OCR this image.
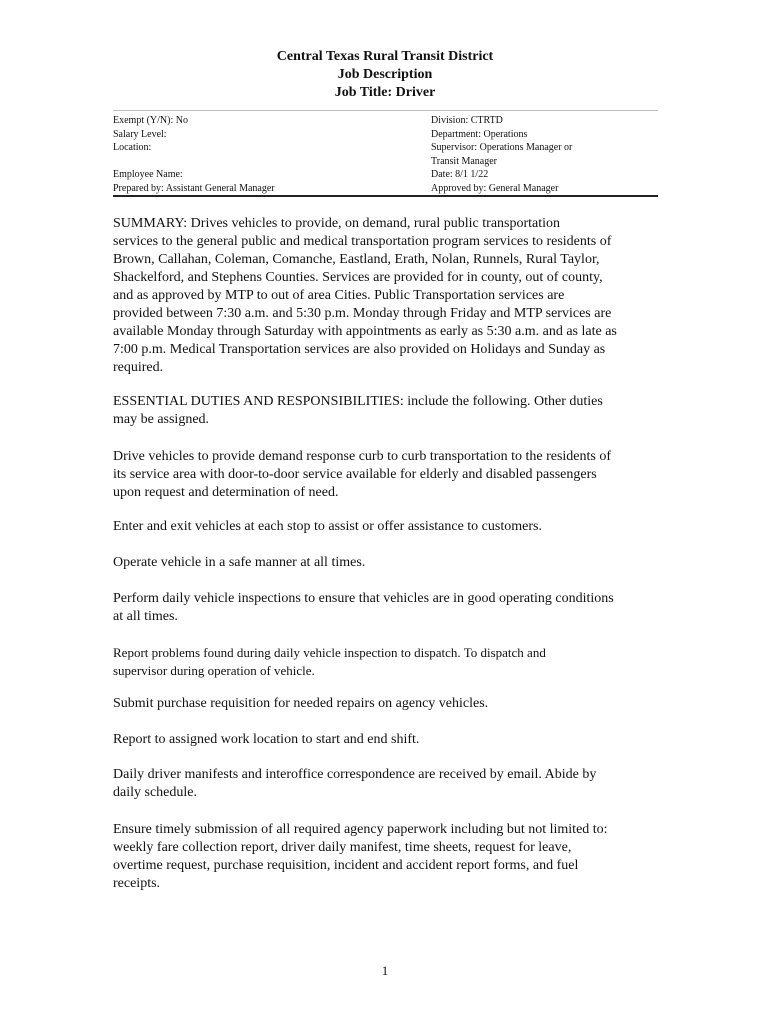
Central Texas Rural Transit District
Job Description
Job Title: Driver
Exempt (Y/N): No
Salary Level:
Location:
Employee Name:
Prepared by: Assistant General Manager
Division: CTRTD
Department: Operations
Supervisor: Operations Manager or
Transit Manager
Date: 8/1 1/22
Approved by: General Manager
SUMMARY: Drives vehicles to provide, on demand, rural public transportation
services to the general public and medical transportation program services to residents of
Brown, Callahan, Coleman, Comanche, Eastland, Erath, Nolan, Runnels, Rural Taylor,
Shackelford, and Stephens Counties. Services are provided for in county, out of county,
and as approved by MTP to out of area Cities. Public Transportation services are
provided between 7:30 a.m. and 5:30 p.m. Monday through Friday and MTP services are
available Monday through Saturday with appointments as early as 5:30 a.m. and as late as
7:00 p.m. Medical Transportation services are also provided on Holidays and Sunday as
required.
ESSENTIAL DUTIES AND RESPONSIBILITIES: include the following. Other duties
may be assigned.
Drive vehicles to provide demand response curb to curb transportation to the residents of
its service area with door-to-door service available for elderly and disabled passengers
upon request and determination of need.
Enter and exit vehicles at each stop to assist or offer assistance to customers.
Operate vehicle in a safe manner at all times.
Perform daily vehicle inspections to ensure that vehicles are in good operating conditions
at all times.
Report problems found during daily vehicle inspection to dispatch. To dispatch and
supervisor during operation of vehicle.
Submit purchase requisition for needed repairs on agency vehicles.
Report to assigned work location to start and end shift.
Daily driver manifests and interoffice correspondence are received by email. Abide by
daily schedule.
Ensure timely submission of all required agency paperwork including but not limited to:
weekly fare collection report, driver daily manifest, time sheets, request for leave,
overtime request, purchase requisition, incident and accident report forms, and fuel
receipts.
1
